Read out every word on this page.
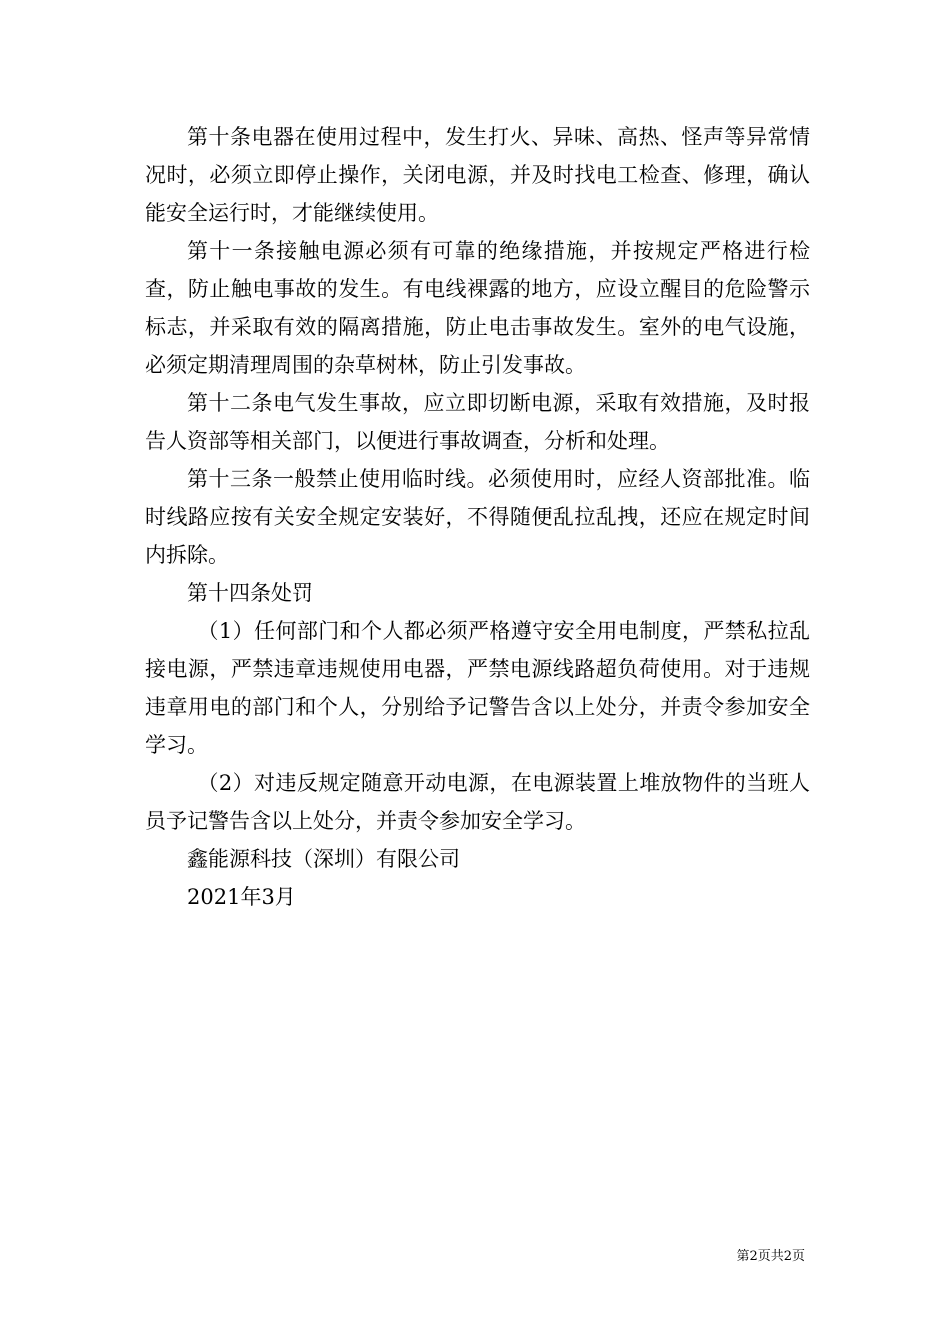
第十条电器在使用过程中，发生打火、异味、高热、怪声等异常情况时，必须立即停止操作，关闭电源，并及时找电工检查、修理，确认能安全运行时，才能继续使用。

第十一条接触电源必须有可靠的绝缘措施，并按规定严格进行检查，防止触电事故的发生。有电线裸露的地方，应设立醒目的危险警示标志，并采取有效的隔离措施，防止电击事故发生。室外的电气设施，必须定期清理周围的杂草树林，防止引发事故。

第十二条电气发生事故，应立即切断电源，采取有效措施，及时报告人资部等相关部门，以便进行事故调查，分析和处理。

第十三条一般禁止使用临时线。必须使用时，应经人资部批准。临时线路应按有关安全规定安装好，不得随便乱拉乱拽，还应在规定时间内拆除。

第十四条处罚

（1）任何部门和个人都必须严格遵守安全用电制度，严禁私拉乱接电源，严禁违章违规使用电器，严禁电源线路超负荷使用。对于违规违章用电的部门和个人，分别给予记警告含以上处分，并责令参加安全学习。

（2）对违反规定随意开动电源，在电源装置上堆放物件的当班人员予记警告含以上处分，并责令参加安全学习。

鑫能源科技（深圳）有限公司

2021年3月

第2页共2页
